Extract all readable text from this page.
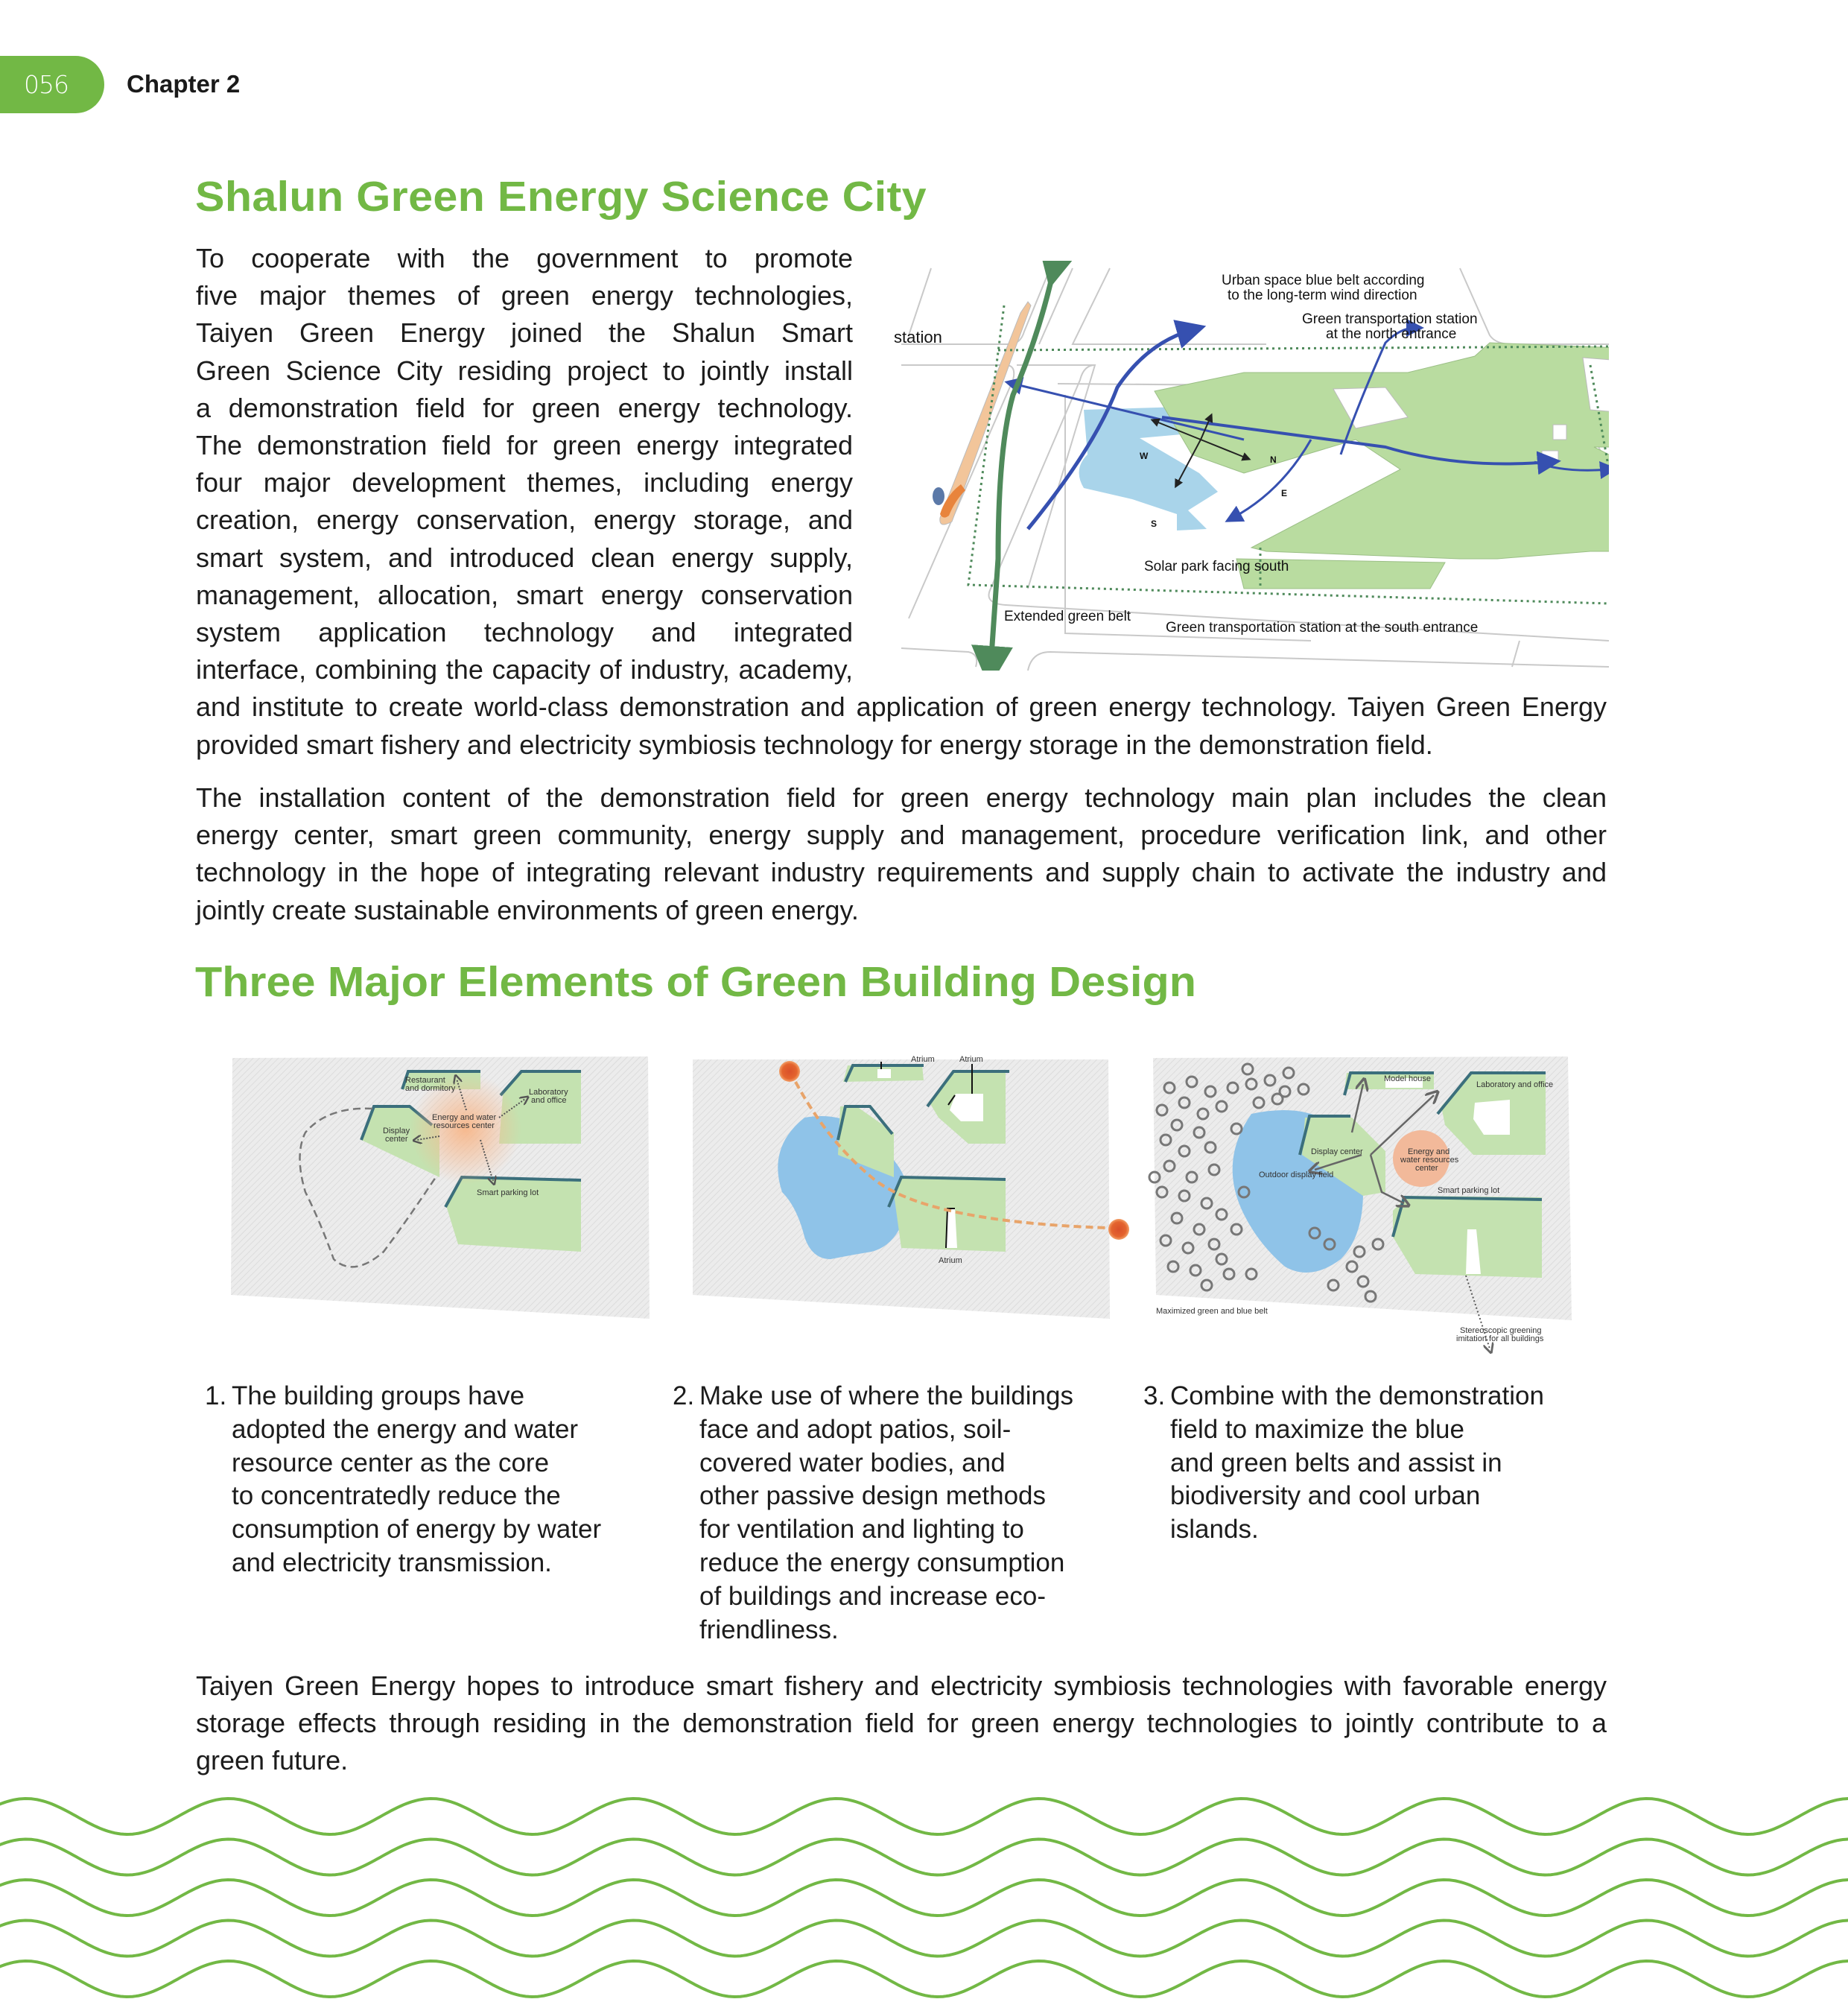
056	Chapter 2
Shalun Green Energy Science City
To cooperate with the government to promote
five major themes of green energy technologies,
Taiyen Green Energy joined the Shalun Smart
Green Science City residing project to jointly install
a demonstration field for green energy technology.
The demonstration field for green energy integrated
four major development themes, including energy
creation, energy conservation, energy storage, and
smart system, and introduced clean energy supply,
management, allocation, smart energy conservation
system application technology and integrated
interface, combining the capacity of industry, academy,
and institute to create world-class demonstration and application of green energy technology. Taiyen Green Energy
provided smart fishery and electricity symbiosis technology for energy storage in the demonstration field.
The installation content of the demonstration field for green energy technology main plan includes the clean
energy center, smart green community, energy supply and management, procedure verification link, and other
technology in the hope of integrating relevant industry requirements and supply chain to activate the industry and
jointly create sustainable environments of green energy.
station
Urban space blue belt according
to the long-term wind direction
Green transportation station
at the north entrance
Solar park facing south
Extended green belt
Green transportation station at the south entrance
N
E
W
S
Three Major Elements of Green Building Design
Restaurant
and dormitory	Laboratory
and office
Energy and water
resources center
Display
center
Smart parking lot
Atrium	Atrium
Atrium
Model house
Laboratory and office
Display center	Energy and
water resources
center
Outdoor display field
Smart parking lot
Maximized green and blue belt
Stereoscopic greening
imitation for all buildings
1. The building groups have
adopted the energy and water
resource center as the core
to concentratedly reduce the
consumption of energy by water
and electricity transmission.
2. Make use of where the buildings
face and adopt patios, soil-
covered water bodies, and
other passive design methods
for ventilation and lighting to
reduce the energy consumption
of buildings and increase eco-
friendliness.
3. Combine with the demonstration
field to maximize the blue
and green belts and assist in
biodiversity and cool urban
islands.
Taiyen Green Energy hopes to introduce smart fishery and electricity symbiosis technologies with favorable energy
storage effects through residing in the demonstration field for green energy technologies to jointly contribute to a
green future.
